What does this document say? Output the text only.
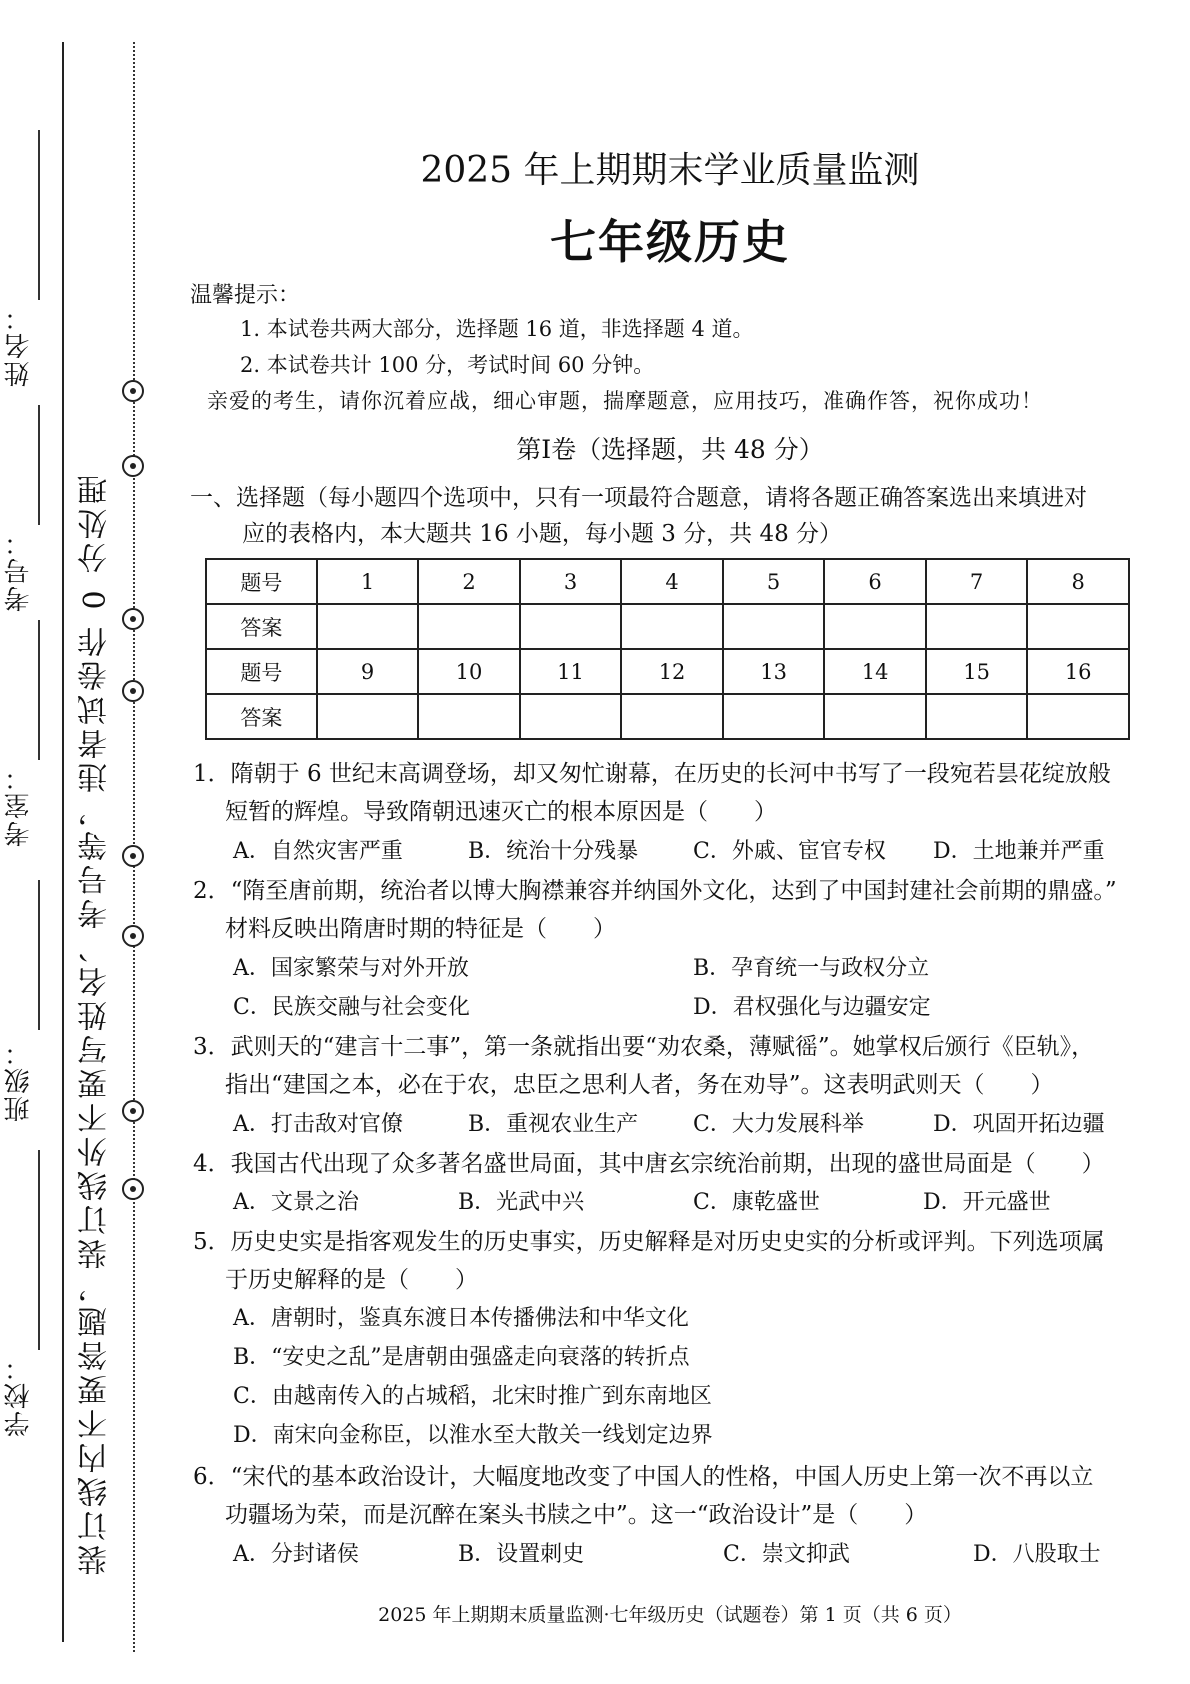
学校：
班级：
考室：
考号：
姓名：
装订线内不要答题，装订线外不要写姓名、考号等，违者试卷作 0 分处理
2025 年上期期末学业质量监测
七年级历史
温馨提示：
1. 本试卷共两大部分，选择题 16 道，非选择题 4 道。
2. 本试卷共计 100 分，考试时间 60 分钟。
亲爱的考生，请你沉着应战，细心审题，揣摩题意，应用技巧，准确作答，祝你成功！
第Ⅰ卷（选择题，共 48 分）
一、选择题（每小题四个选项中，只有一项最符合题意，请将各题正确答案选出来填进对
应的表格内，本大题共 16 小题，每小题 3 分，共 48 分）
题号	1	2	3	4	5	6	7	8
答案								
题号	9	10	11	12	13	14	15	16
答案								
1．隋朝于 6 世纪末高调登场，却又匆忙谢幕，在历史的长河中书写了一段宛若昙花绽放般
短暂的辉煌。导致隋朝迅速灭亡的根本原因是（　　）
A．自然灾害严重	B．统治十分残暴 C．外戚、宦官专权 D．土地兼并严重
2．“隋至唐前期，统治者以博大胸襟兼容并纳国外文化，达到了中国封建社会前期的鼎盛。”
材料反映出隋唐时期的特征是（　　）
A．国家繁荣与对外开放	B．孕育统一与政权分立
C．民族交融与社会变化	D．君权强化与边疆安定
3．武则天的“建言十二事”，第一条就指出要“劝农桑，薄赋徭”。她掌权后颁行《臣轨》，
指出“建国之本，必在于农，忠臣之思利人者，务在劝导”。这表明武则天（　　）
A．打击敌对官僚	B．重视农业生产 C．大力发展科举	D．巩固开拓边疆
4．我国古代出现了众多著名盛世局面，其中唐玄宗统治前期，出现的盛世局面是（　　）
A．文景之治	B．光武中兴	C．康乾盛世	D．开元盛世
5．历史史实是指客观发生的历史事实，历史解释是对历史史实的分析或评判。下列选项属
于历史解释的是（　　）
A．唐朝时，鉴真东渡日本传播佛法和中华文化
B．“安史之乱”是唐朝由强盛走向衰落的转折点
C．由越南传入的占城稻，北宋时推广到东南地区
D．南宋向金称臣，以淮水至大散关一线划定边界
6．“宋代的基本政治设计，大幅度地改变了中国人的性格，中国人历史上第一次不再以立
功疆场为荣，而是沉醉在案头书牍之中”。这一“政治设计”是（　　）
A．分封诸侯	B．设置刺史	C．崇文抑武	D．八股取士
2025 年上期期末质量监测·七年级历史（试题卷）第 1 页（共 6 页）
